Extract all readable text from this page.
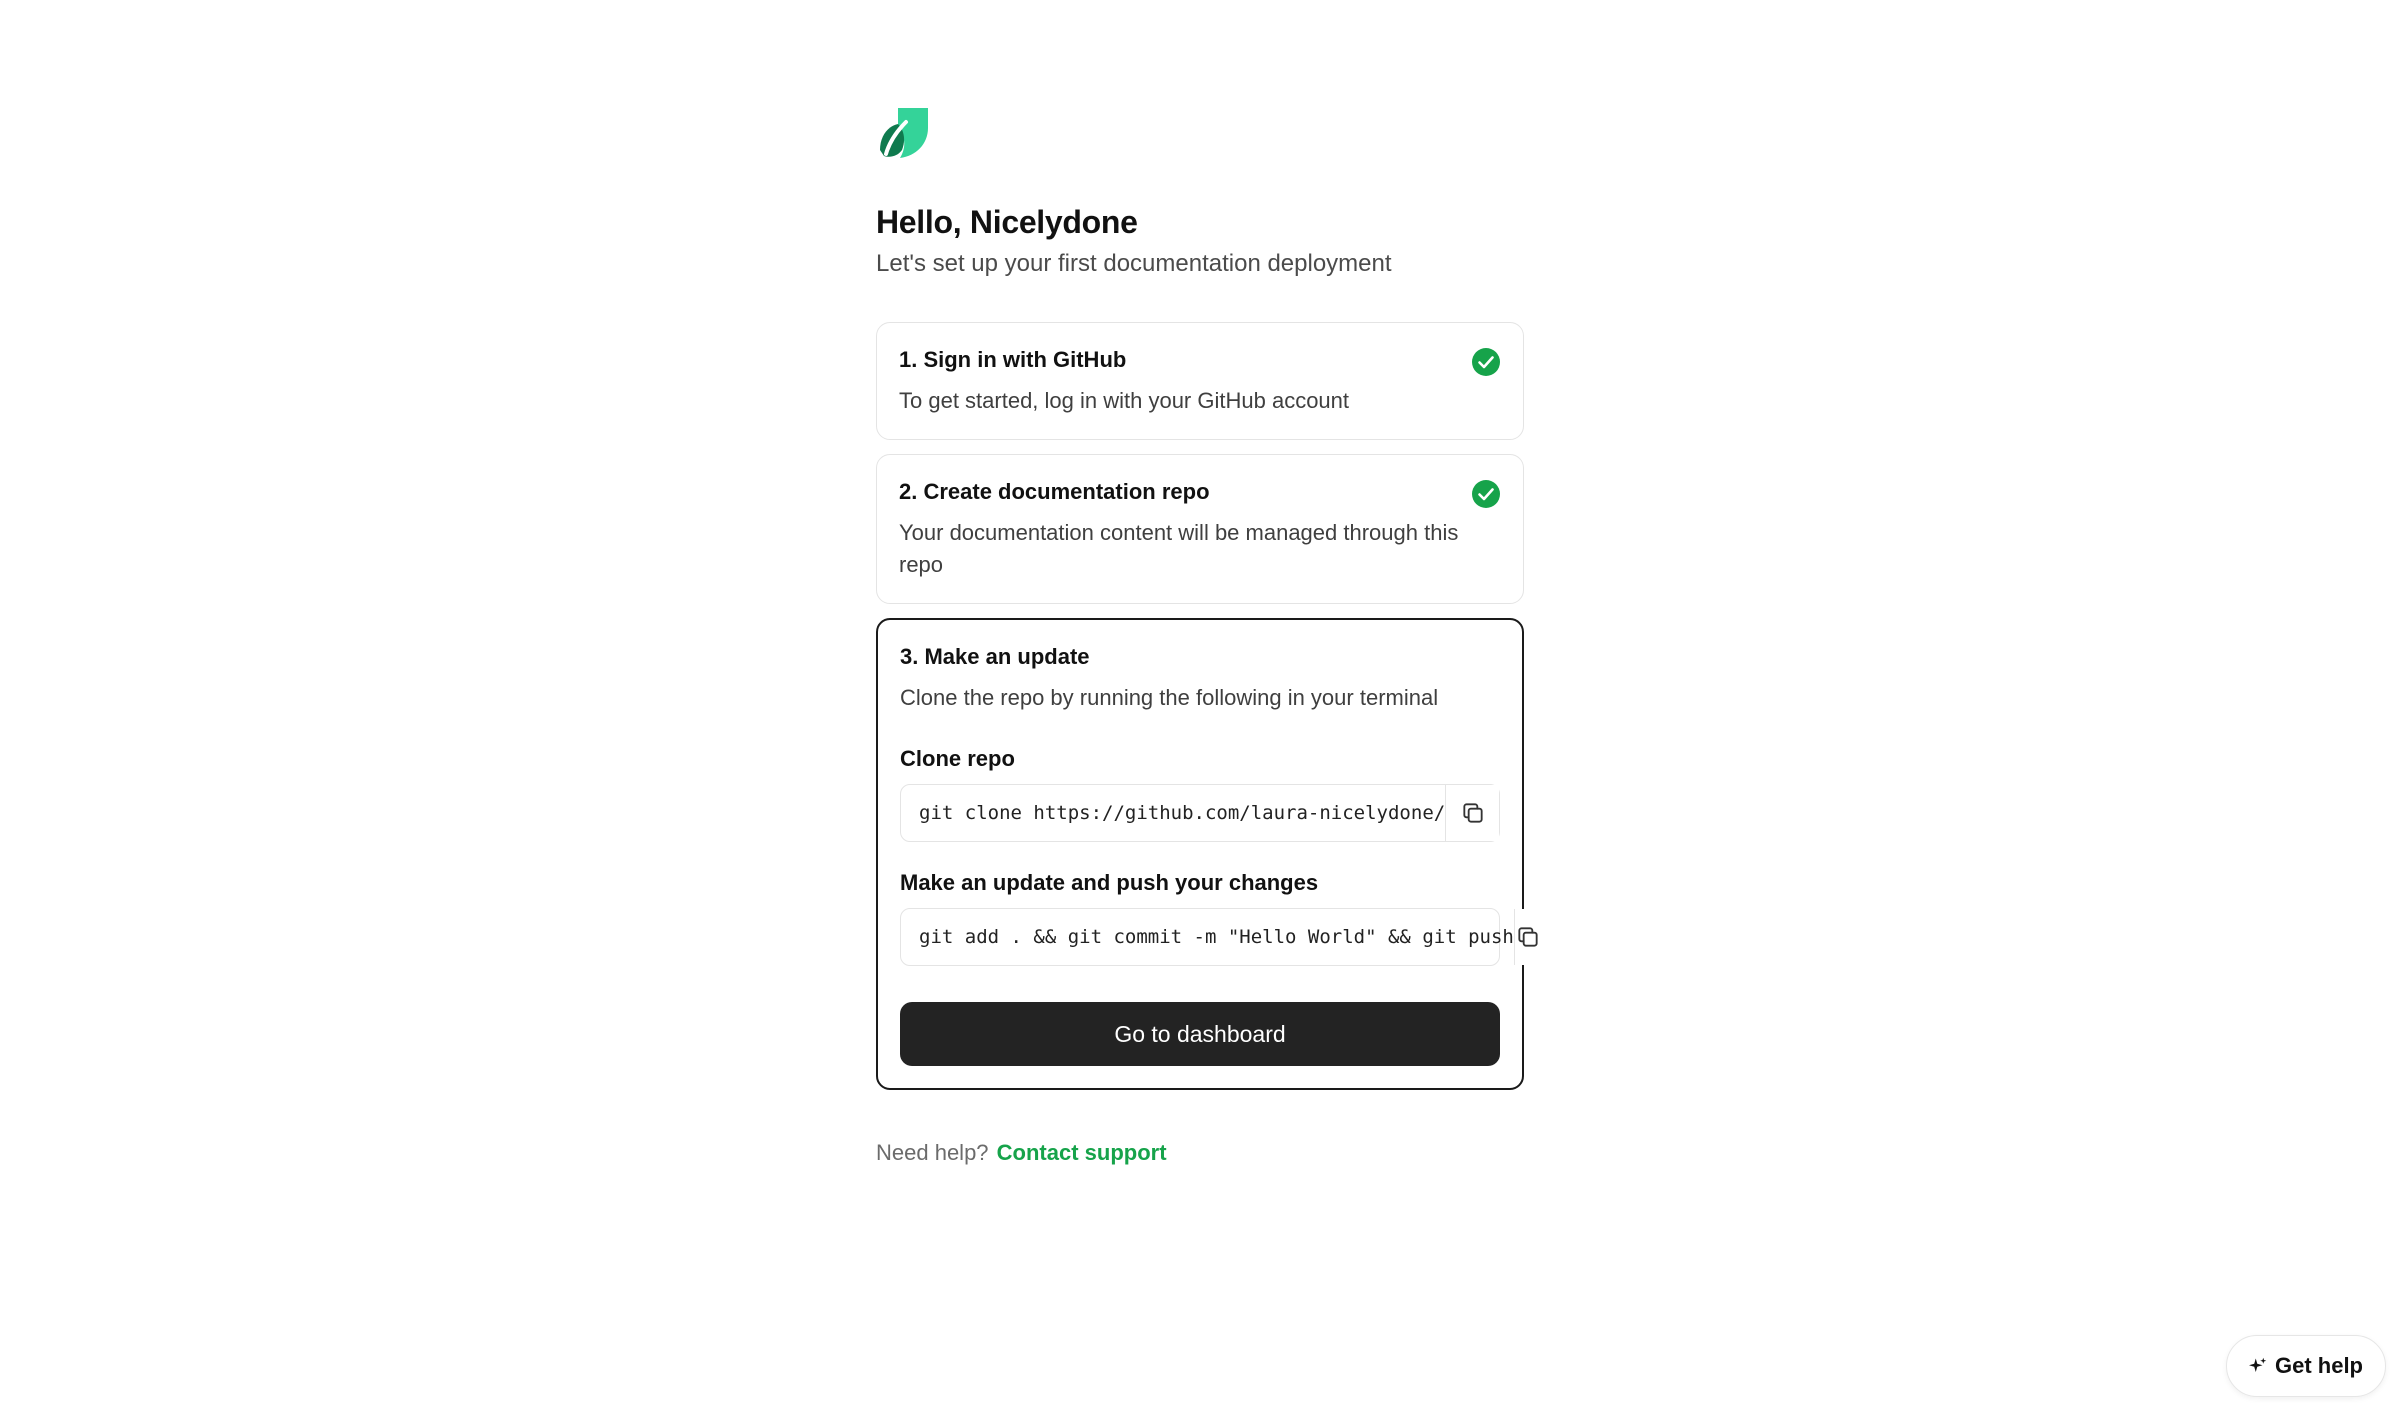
Hello, Nicelydone
Let's set up your first documentation deployment
1. Sign in with GitHub
To get started, log in with your GitHub account
2. Create documentation repo
Your documentation content will be managed through this repo
3. Make an update
Clone the repo by running the following in your terminal
Clone repo
git clone https://github.com/laura-nicelydone/
Make an update and push your changes
git add . && git commit -m "Hello World" && git push
Go to dashboard
Need help? Contact support
Get help
